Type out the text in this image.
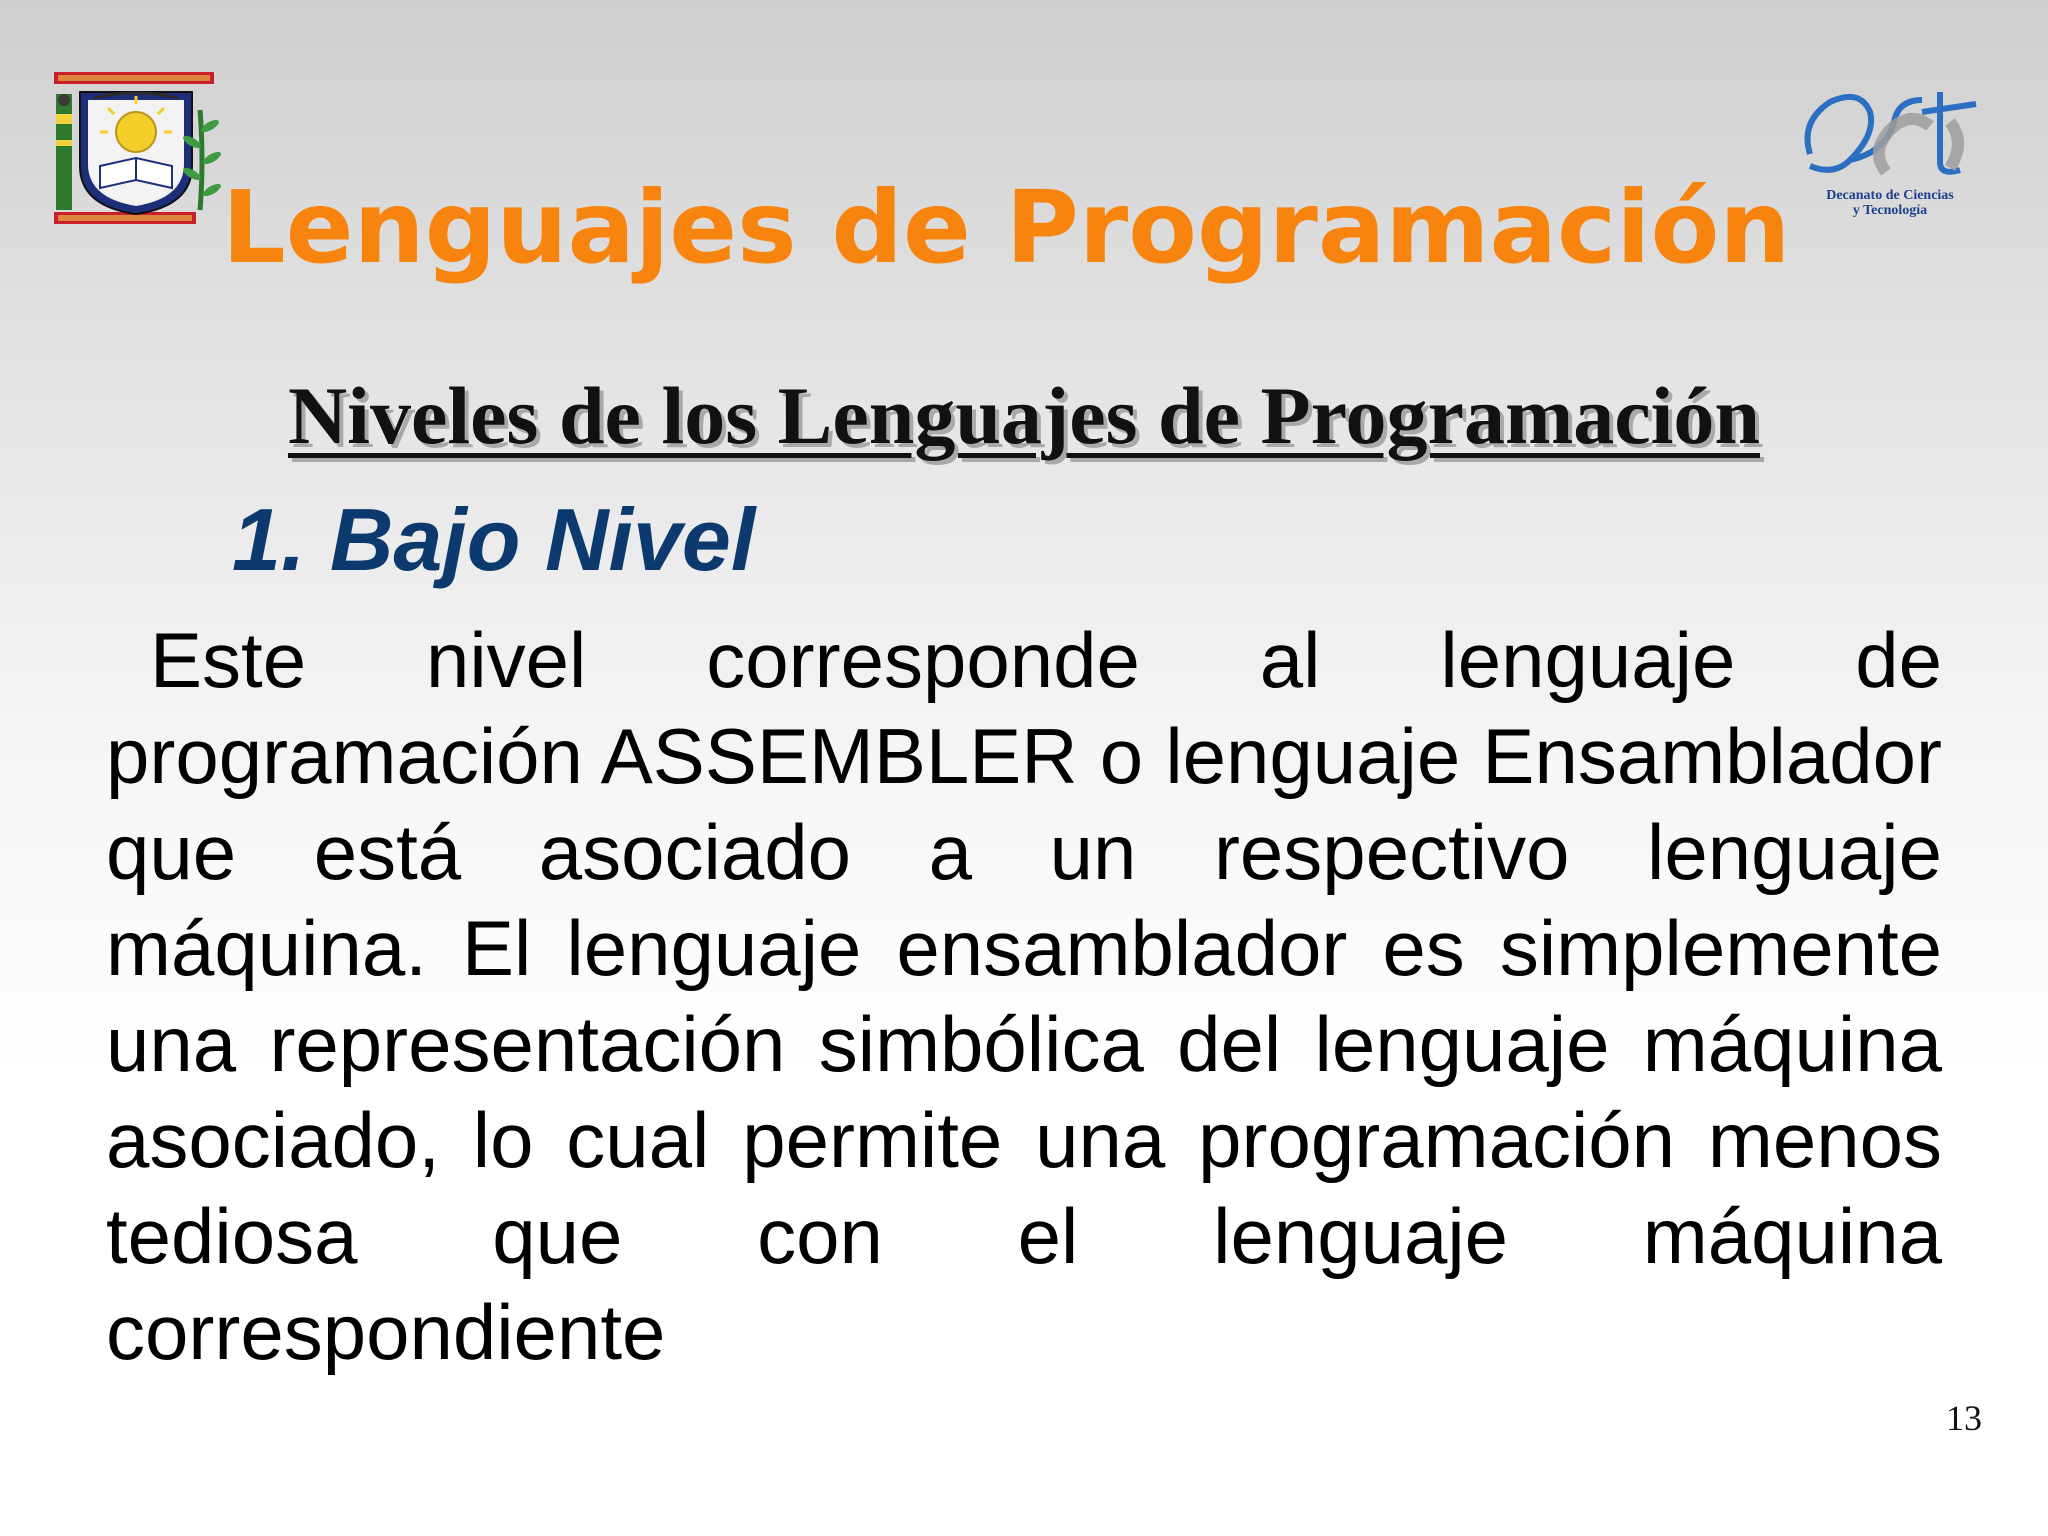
Decanato de Ciencias
y Tecnología
Lenguajes de Programación
Niveles de los Lenguajes de Programación
1. Bajo Nivel

Este nivel corresponde al lenguaje de programación ASSEMBLER o lenguaje Ensamblador que está asociado a un respectivo lenguaje máquina. El lenguaje ensamblador es simplemente una representación simbólica del lenguaje máquina asociado, lo cual permite una programación menos tediosa que con el lenguaje máquina correspondiente

13
